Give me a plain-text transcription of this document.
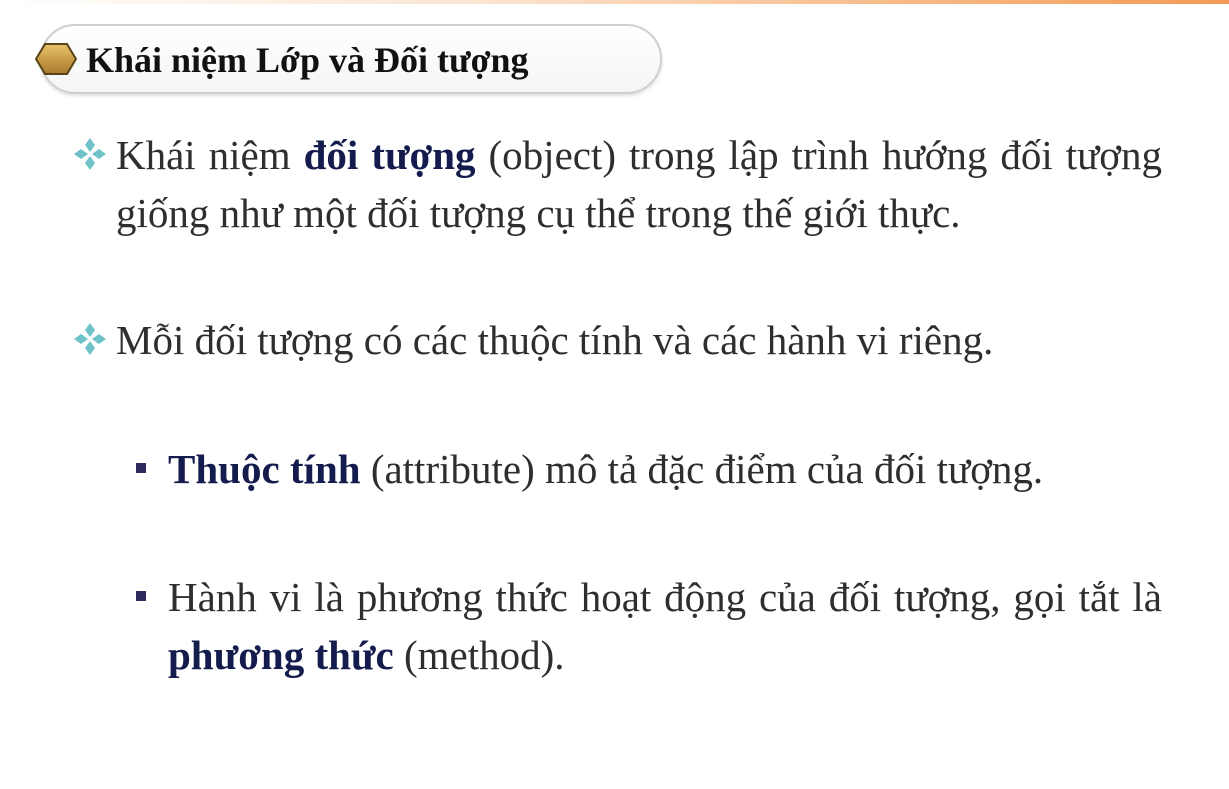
Khái niệm Lớp và Đối tượng
Khái niệm đối tượng (object) trong lập trình hướng đối tượng giống như một đối tượng cụ thể trong thế giới thực.
Mỗi đối tượng có các thuộc tính và các hành vi riêng.
Thuộc tính (attribute) mô tả đặc điểm của đối tượng.
Hành vi là phương thức hoạt động của đối tượng, gọi tắt là phương thức (method).
